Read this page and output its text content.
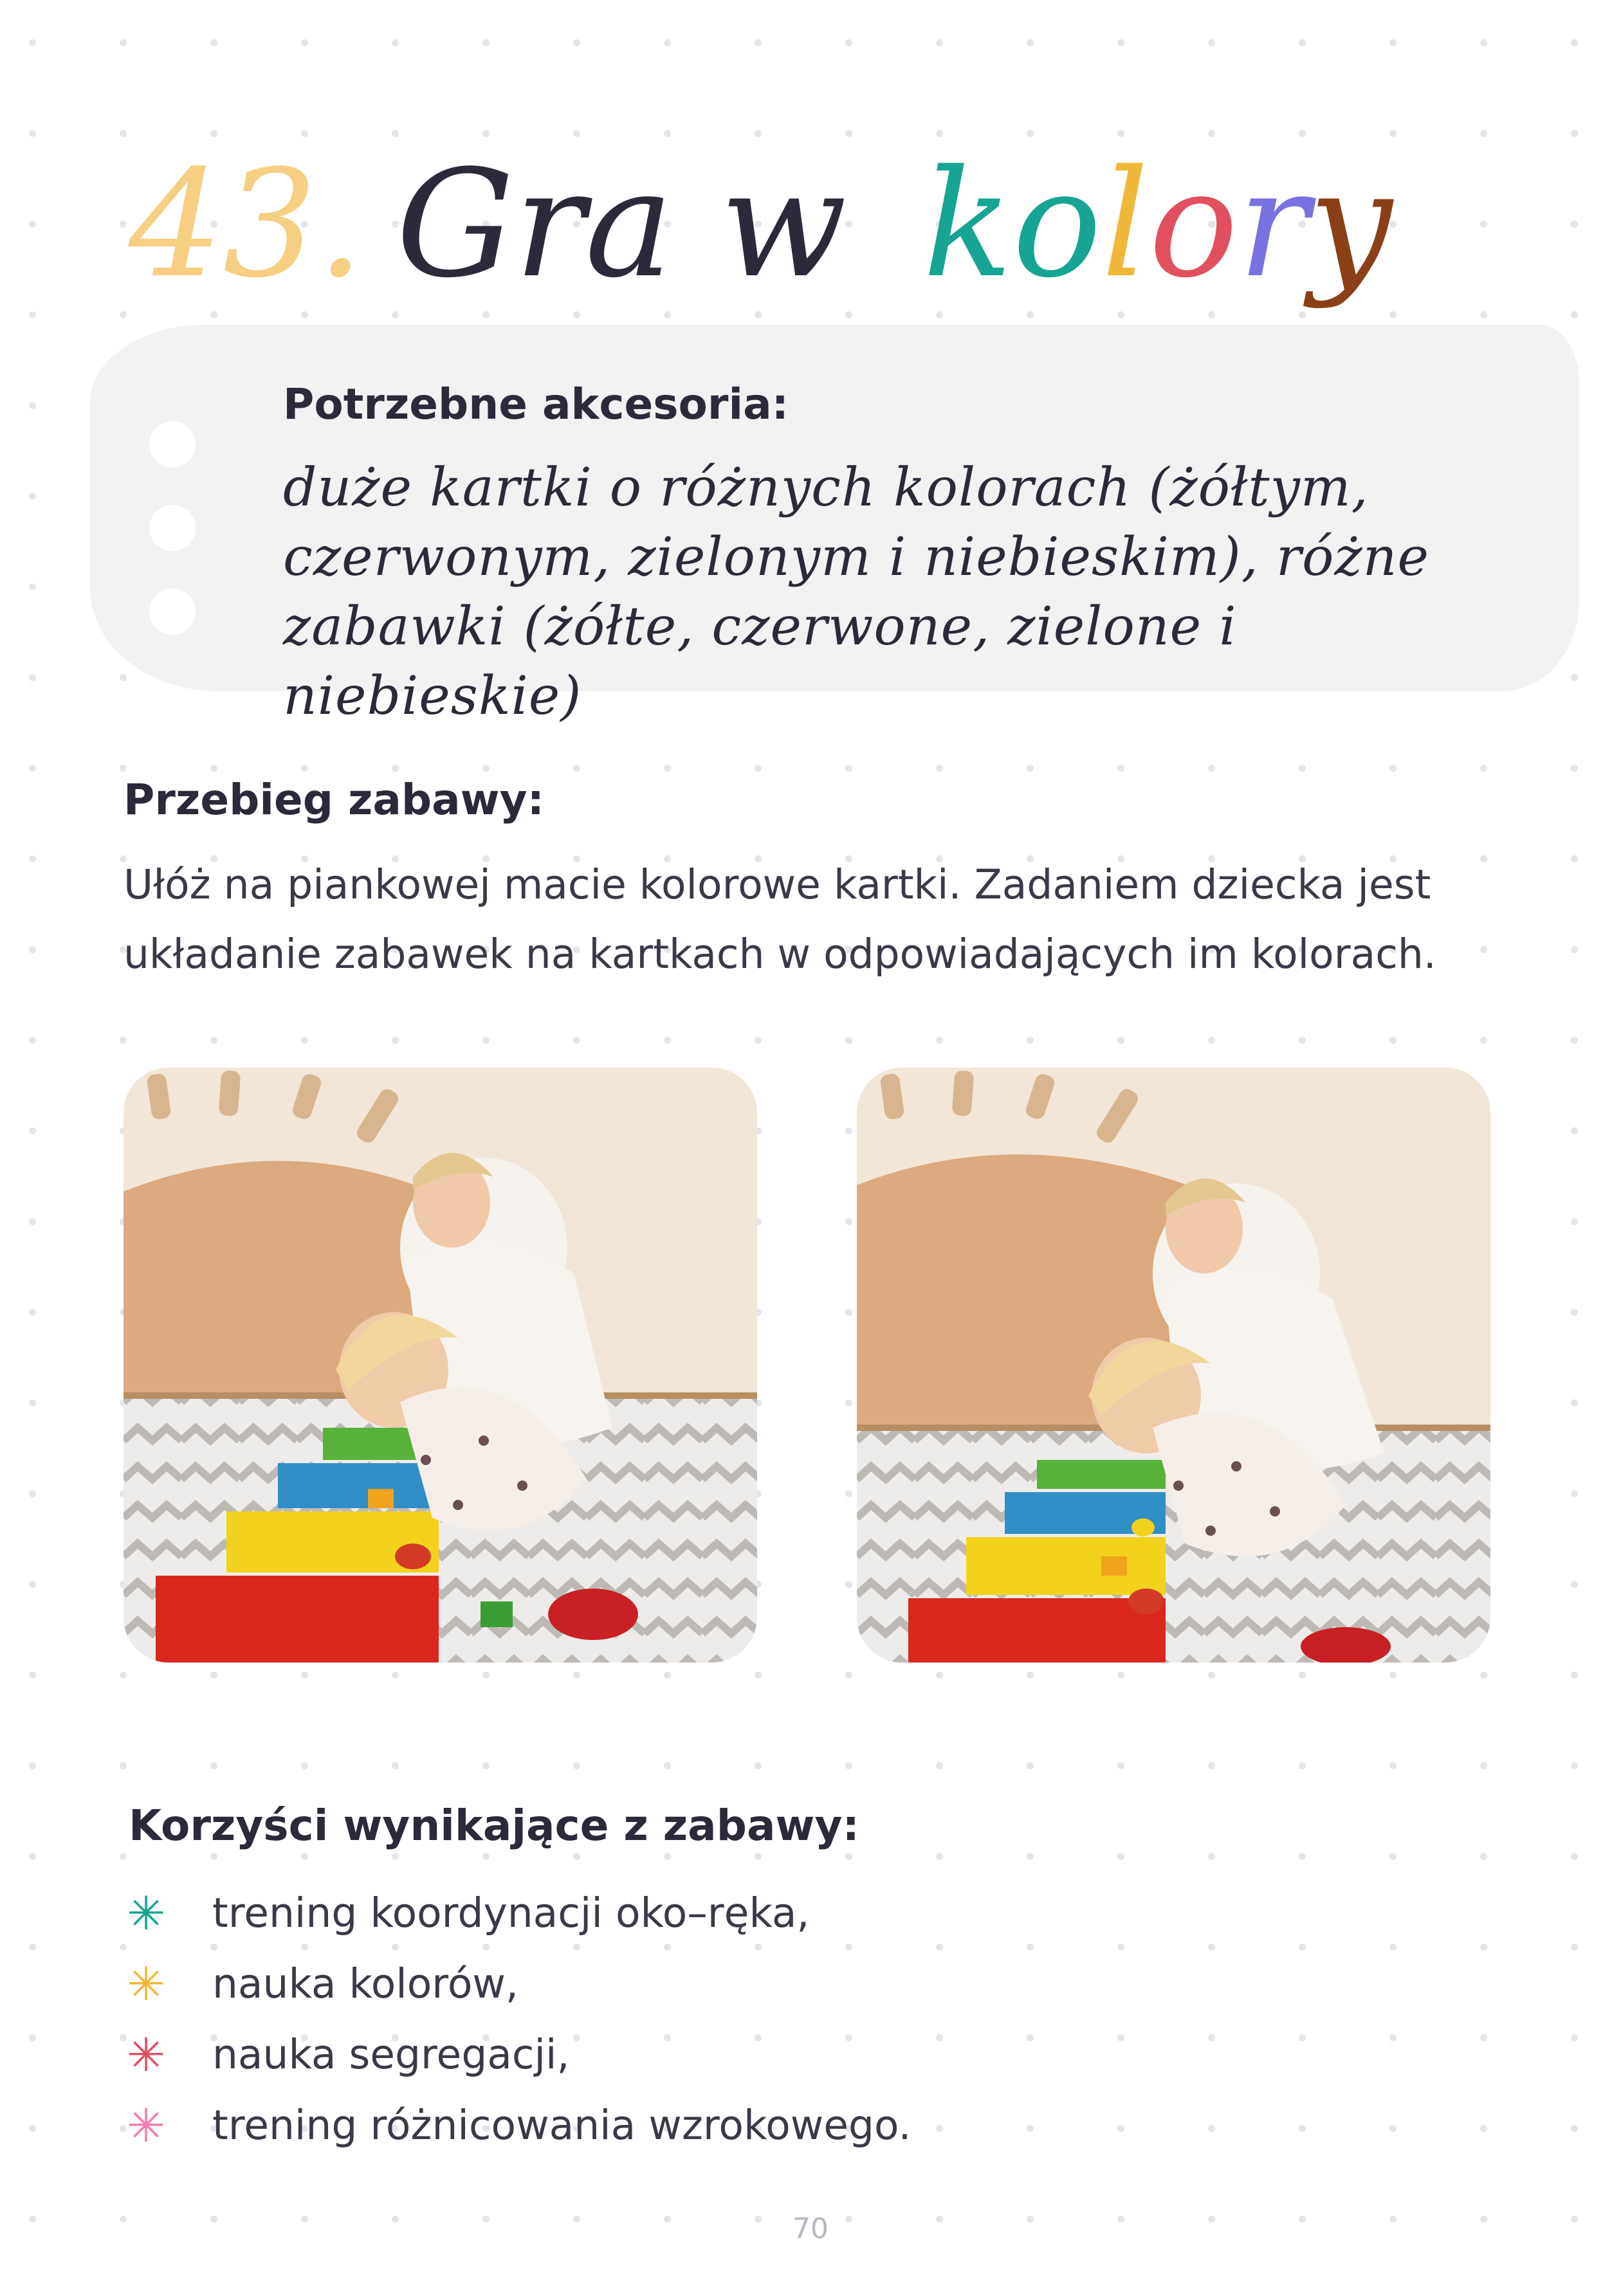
43. Gra w kolory
Potrzebne akcesoria:
duże kartki o różnych kolorach (żółtym,
czerwonym, zielonym i niebieskim), różne
zabawki (żółte, czerwone, zielone i niebieskie)
Przebieg zabawy:
Ułóż na piankowej macie kolorowe kartki. Zadaniem dziecka jest
układanie zabawek na kartkach w odpowiadających im kolorach.
Korzyści wynikające z zabawy:
✳ trening koordynacji oko–ręka,
✳ nauka kolorów,
✳ nauka segregacji,
✳ trening różnicowania wzrokowego.
70
